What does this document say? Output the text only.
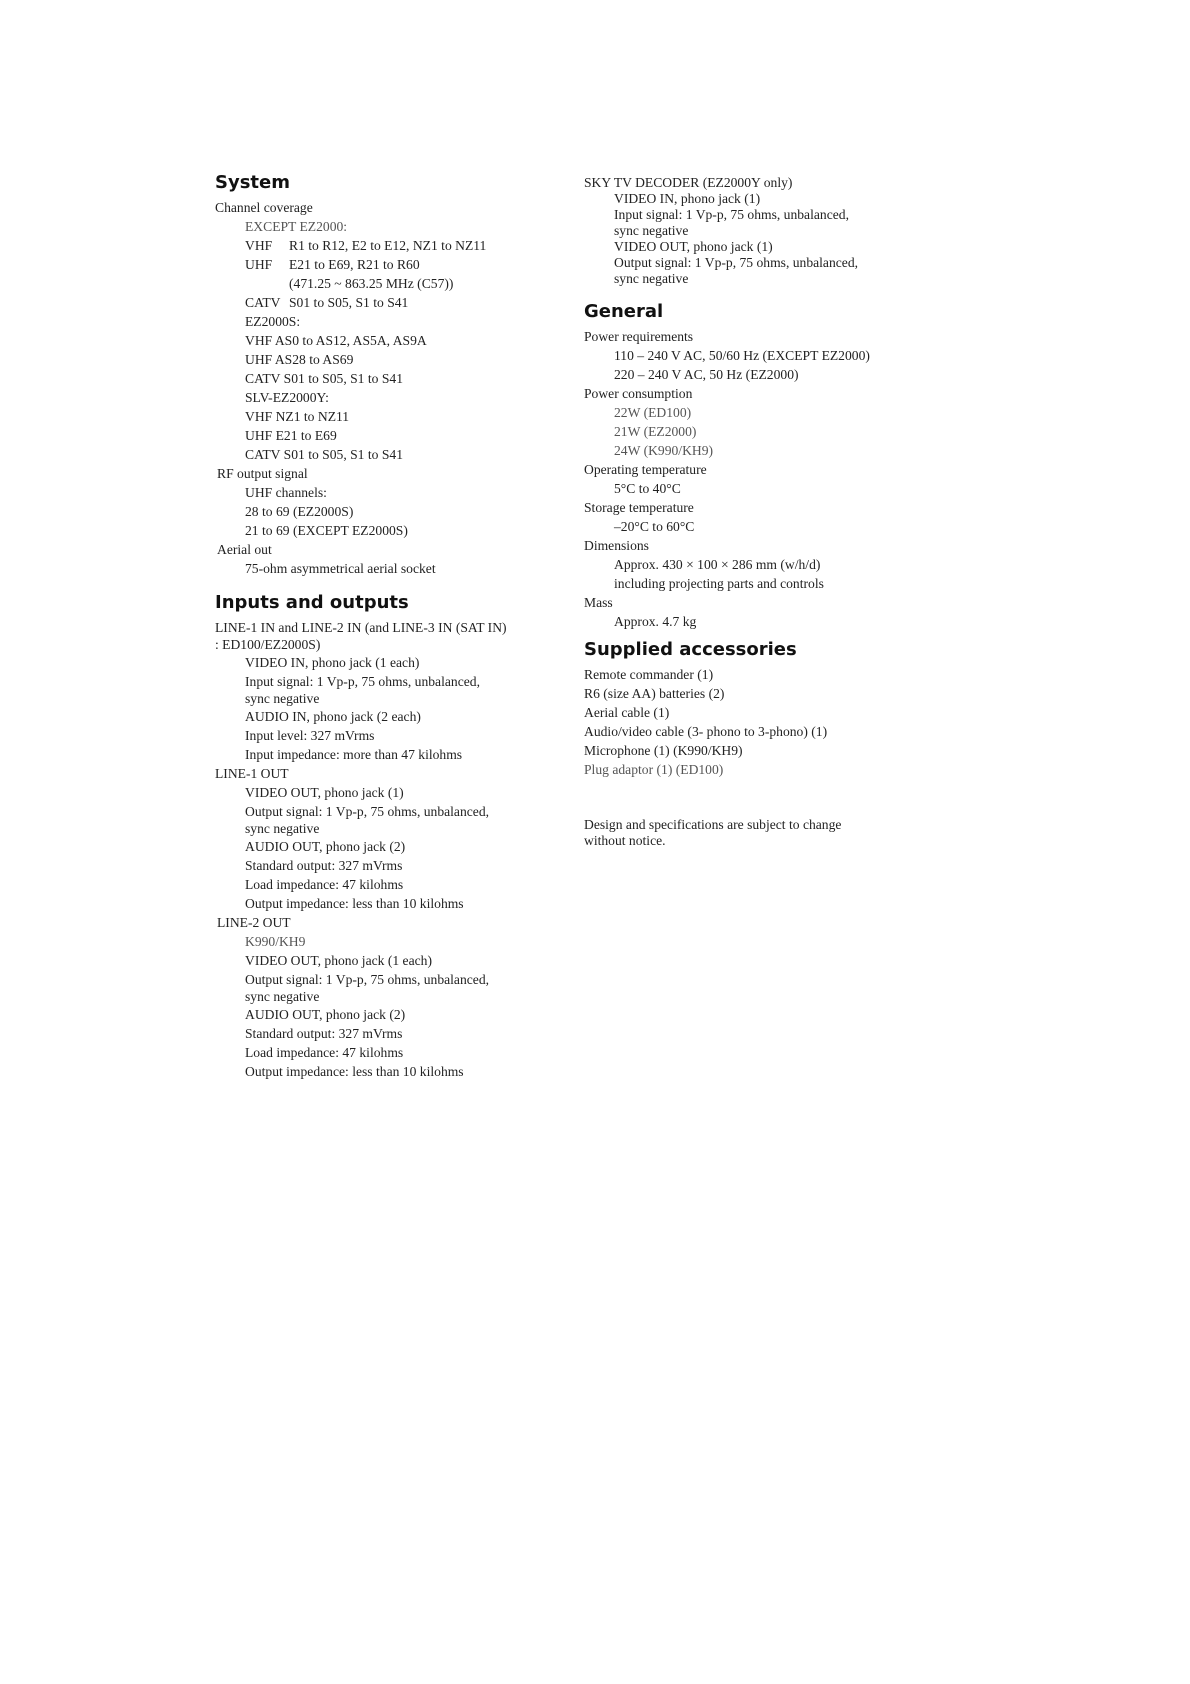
System
Channel coverage
EXCEPT EZ2000:
VHF R1 to R12, E2 to E12, NZ1 to NZ11
UHF E21 to E69, R21 to R60
(471.25 ~ 863.25 MHz (C57))
CATV S01 to S05, S1 to S41
EZ2000S:
VHF AS0 to AS12, AS5A, AS9A
UHF AS28 to AS69
CATV S01 to S05, S1 to S41
SLV-EZ2000Y:
VHF NZ1 to NZ11
UHF E21 to E69
CATV S01 to S05, S1 to S41
RF output signal
UHF channels:
28 to 69 (EZ2000S)
21 to 69 (EXCEPT EZ2000S)
Aerial out
75-ohm asymmetrical aerial socket
Inputs and outputs
LINE-1 IN and LINE-2 IN (and LINE-3 IN (SAT IN)
: ED100/EZ2000S)
VIDEO IN, phono jack (1 each)
Input signal: 1 Vp-p, 75 ohms, unbalanced,
sync negative
AUDIO IN, phono jack (2 each)
Input level: 327 mVrms
Input impedance: more than 47 kilohms
LINE-1 OUT
VIDEO OUT, phono jack (1)
Output signal: 1 Vp-p, 75 ohms, unbalanced,
sync negative
AUDIO OUT, phono jack (2)
Standard output: 327 mVrms
Load impedance: 47 kilohms
Output impedance: less than 10 kilohms
LINE-2 OUT
K990/KH9
VIDEO OUT, phono jack (1 each)
Output signal: 1 Vp-p, 75 ohms, unbalanced,
sync negative
AUDIO OUT, phono jack (2)
Standard output: 327 mVrms
Load impedance: 47 kilohms
Output impedance: less than 10 kilohms
SKY TV DECODER (EZ2000Y only)
VIDEO IN, phono jack (1)
Input signal: 1 Vp-p, 75 ohms, unbalanced,
sync negative
VIDEO OUT, phono jack (1)
Output signal: 1 Vp-p, 75 ohms, unbalanced,
sync negative
General
Power requirements
110 – 240 V AC, 50/60 Hz (EXCEPT EZ2000)
220 – 240 V AC, 50 Hz (EZ2000)
Power consumption
22W (ED100)
21W (EZ2000)
24W (K990/KH9)
Operating temperature
5°C to 40°C
Storage temperature
–20°C to 60°C
Dimensions
Approx. 430 × 100 × 286 mm (w/h/d)
including projecting parts and controls
Mass
Approx. 4.7 kg
Supplied accessories
Remote commander (1)
R6 (size AA) batteries (2)
Aerial cable (1)
Audio/video cable (3- phono to 3-phono) (1)
Microphone (1) (K990/KH9)
Plug adaptor (1) (ED100)
Design and specifications are subject to change
without notice.
